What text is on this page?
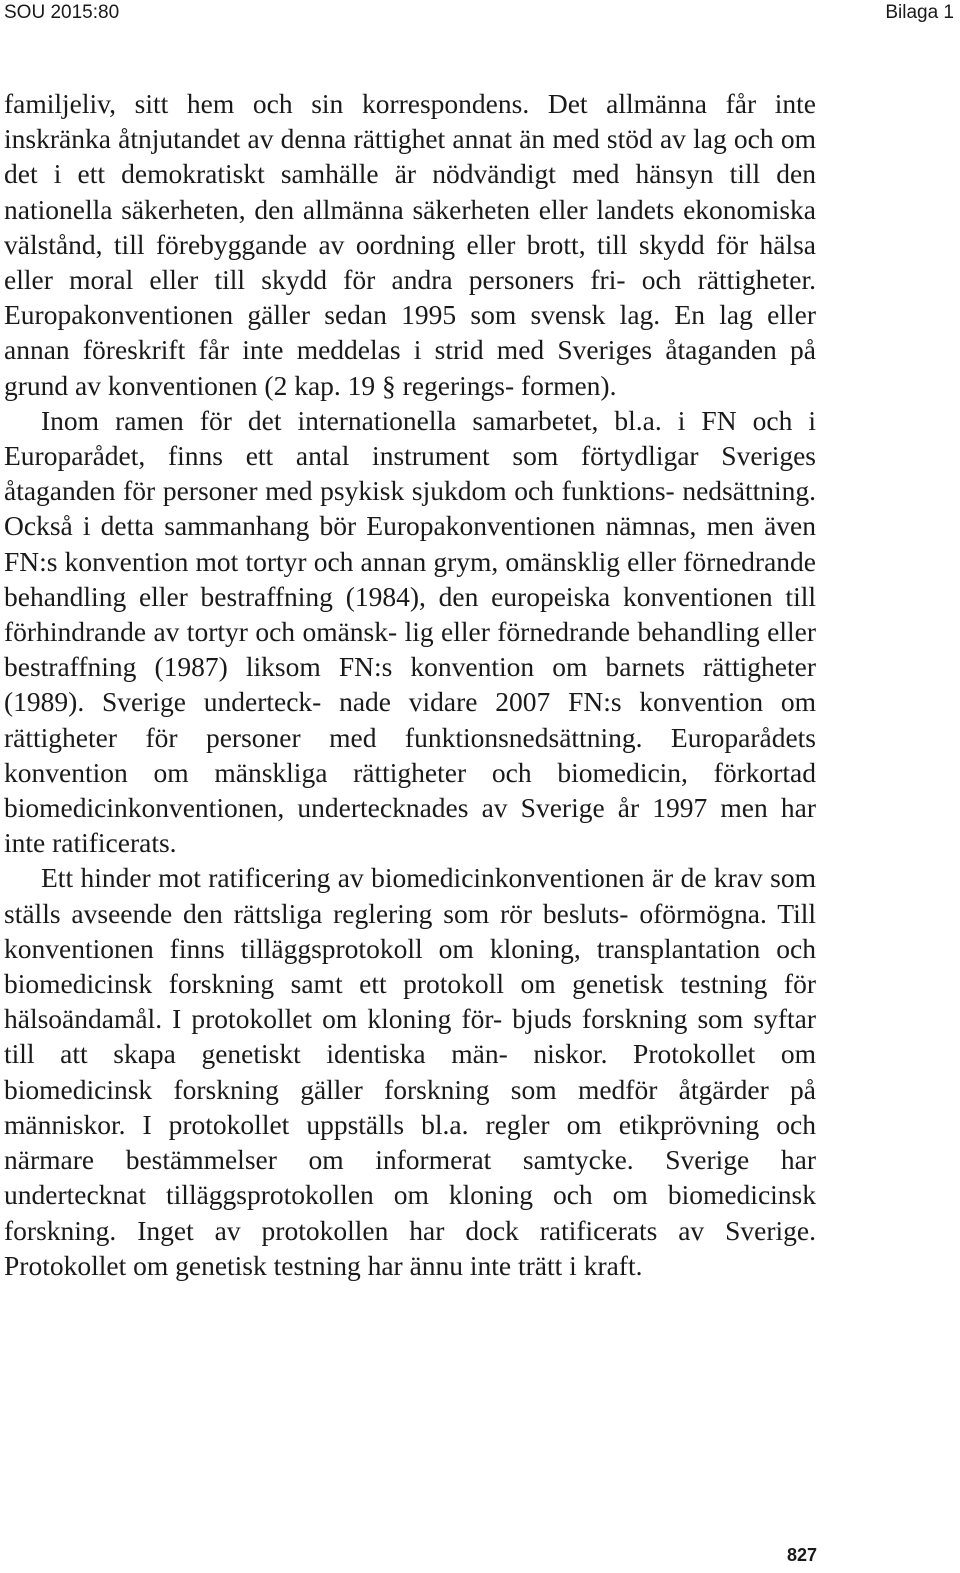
SOU 2015:80	Bilaga 1

familjeliv, sitt hem och sin korrespondens. Det allmänna får inte inskränka åtnjutandet av denna rättighet annat än med stöd av lag och om det i ett demokratiskt samhälle är nödvändigt med hänsyn till den nationella säkerheten, den allmänna säkerheten eller landets ekonomiska välstånd, till förebyggande av oordning eller brott, till skydd för hälsa eller moral eller till skydd för andra personers fri- och rättigheter. Europakonventionen gäller sedan 1995 som svensk lag. En lag eller annan föreskrift får inte meddelas i strid med Sveriges åtaganden på grund av konventionen (2 kap. 19 § regerings- formen).

Inom ramen för det internationella samarbetet, bl.a. i FN och i Europarådet, finns ett antal instrument som förtydligar Sveriges åtaganden för personer med psykisk sjukdom och funktions- nedsättning. Också i detta sammanhang bör Europakonventionen nämnas, men även FN:s konvention mot tortyr och annan grym, omänsklig eller förnedrande behandling eller bestraffning (1984), den europeiska konventionen till förhindrande av tortyr och omänsk- lig eller förnedrande behandling eller bestraffning (1987) liksom FN:s konvention om barnets rättigheter (1989). Sverige underteck- nade vidare 2007 FN:s konvention om rättigheter för personer med funktionsnedsättning. Europarådets konvention om mänskliga rättigheter och biomedicin, förkortad biomedicinkonventionen, undertecknades av Sverige år 1997 men har inte ratificerats.

Ett hinder mot ratificering av biomedicinkonventionen är de krav som ställs avseende den rättsliga reglering som rör besluts- oförmögna. Till konventionen finns tilläggsprotokoll om kloning, transplantation och biomedicinsk forskning samt ett protokoll om genetisk testning för hälsoändamål. I protokollet om kloning för- bjuds forskning som syftar till att skapa genetiskt identiska män- niskor. Protokollet om biomedicinsk forskning gäller forskning som medför åtgärder på människor. I protokollet uppställs bl.a. regler om etikprövning och närmare bestämmelser om informerat samtycke. Sverige har undertecknat tilläggsprotokollen om kloning och om biomedicinsk forskning. Inget av protokollen har dock ratificerats av Sverige. Protokollet om genetisk testning har ännu inte trätt i kraft.

827
